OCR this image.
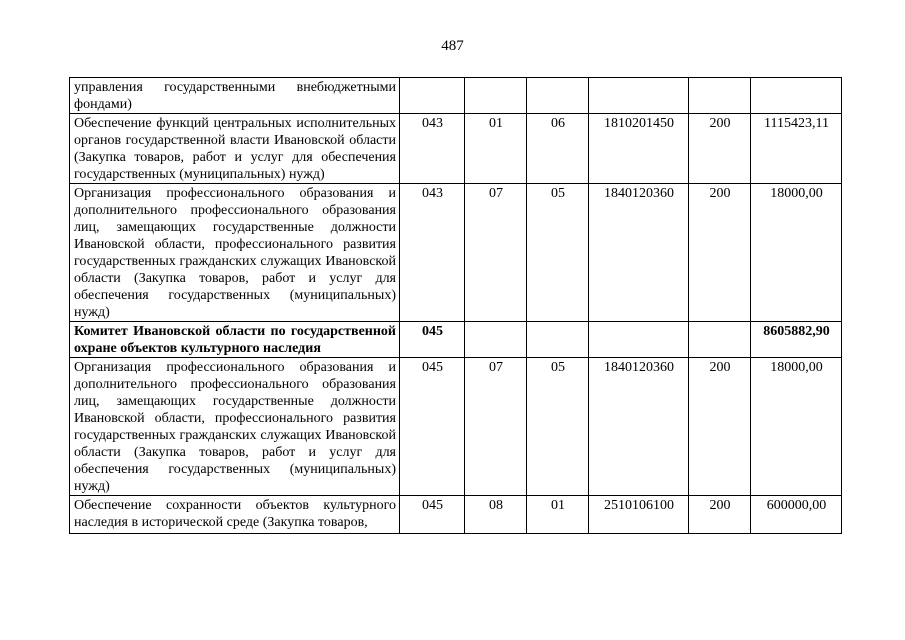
487
управления государственными внебюджетными фондами)						
Обеспечение функций центральных исполнительных органов государственной власти Ивановской области (Закупка товаров, работ и услуг для обеспечения государственных (муниципальных) нужд)	043	01	06	1810201450	200	1115423,11
Организация профессионального образования и дополнительного профессионального образования лиц, замещающих государственные должности Ивановской области, профессионального развития государственных гражданских служащих Ивановской области (Закупка товаров, работ и услуг для обеспечения государственных (муниципальных) нужд)	043	07	05	1840120360	200	18000,00
Комитет Ивановской области по государственной охране объектов культурного наследия	045					8605882,90
Организация профессионального образования и дополнительного профессионального образования лиц, замещающих государственные должности Ивановской области, профессионального развития государственных гражданских служащих Ивановской области (Закупка товаров, работ и услуг для обеспечения государственных (муниципальных) нужд)	045	07	05	1840120360	200	18000,00

Обеспечение сохранности объектов культурного наследия в исторической среде (Закупка товаров,	045	08	01	2510106100	200	600000,00
